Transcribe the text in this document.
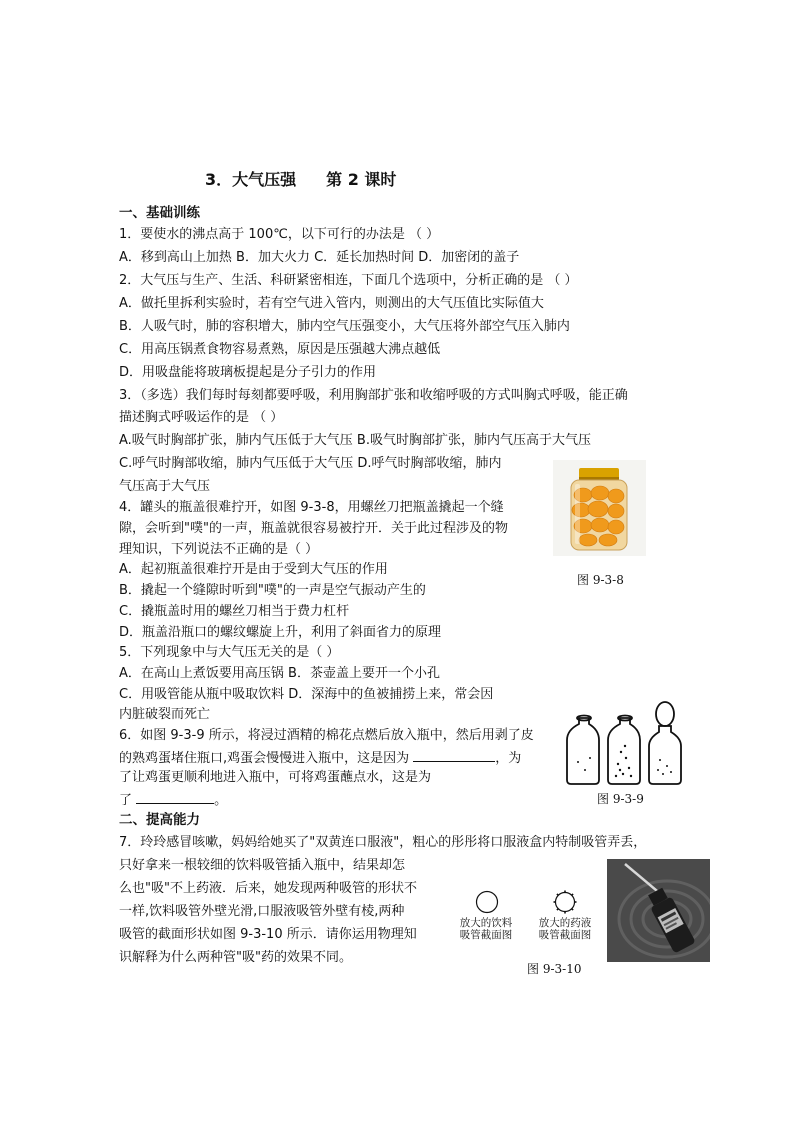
3．大气压强 第 2 课时
一、基础训练
1．要使水的沸点高于 100℃，以下可行的办法是 （ ）
A．移到高山上加热 B．加大火力 C．延长加热时间 D．加密闭的盖子
2．大气压与生产、生活、科研紧密相连，下面几个选项中，分析正确的是 （ ）
A．做托里拆利实验时，若有空气进入管内，则测出的大气压值比实际值大
B．人吸气时，肺的容积增大，肺内空气压强变小，大气压将外部空气压入肺内
C．用高压锅煮食物容易煮熟，原因是压强越大沸点越低
D．用吸盘能将玻璃板提起是分子引力的作用
3．（多选）我们每时每刻都要呼吸，利用胸部扩张和收缩呼吸的方式叫胸式呼吸，能正确
描述胸式呼吸运作的是 （ ）
A.吸气时胸部扩张，肺内气压低于大气压 B.吸气时胸部扩张，肺内气压高于大气压
C.呼气时胸部收缩，肺内气压低于大气压 D.呼气时胸部收缩，肺内
气压高于大气压
4．罐头的瓶盖很难拧开，如图 9-3-8，用螺丝刀把瓶盖撬起一个缝
隙，会听到"噗"的一声，瓶盖就很容易被拧开．关于此过程涉及的物
理知识，下列说法不正确的是（ ）
A．起初瓶盖很难拧开是由于受到大气压的作用
B．撬起一个缝隙时听到"噗"的一声是空气振动产生的
C．撬瓶盖时用的螺丝刀相当于费力杠杆
D．瓶盖沿瓶口的螺纹螺旋上升，利用了斜面省力的原理
5．下列现象中与大气压无关的是（ ）
A．在高山上煮饭要用高压锅 B．茶壶盖上要开一个小孔
C．用吸管能从瓶中吸取饮料 D．深海中的鱼被捕捞上来，常会因
内脏破裂而死亡
6．如图 9-3-9 所示，将浸过酒精的棉花点燃后放入瓶中，然后用剥了皮
的熟鸡蛋堵住瓶口,鸡蛋会慢慢进入瓶中，这是因为	，为
了让鸡蛋更顺利地进入瓶中，可将鸡蛋蘸点水，这是为
了	。
二、提高能力
7．玲玲感冒咳嗽，妈妈给她买了"双黄连口服液"，粗心的彤彤将口服液盒内特制吸管弄丢，
只好拿来一根较细的饮料吸管插入瓶中，结果却怎
么也"吸"不上药液．后来，她发现两种吸管的形状不
一样,饮料吸管外壁光滑,口服液吸管外壁有棱,两种
吸管的截面形状如图 9-3-10 所示．请你运用物理知
识解释为什么两种管"吸"药的效果不同。
图 9-3-8
图 9-3-9
放大的饮料
吸管截面图
放大的药液
吸管截面图
图 9-3-10
